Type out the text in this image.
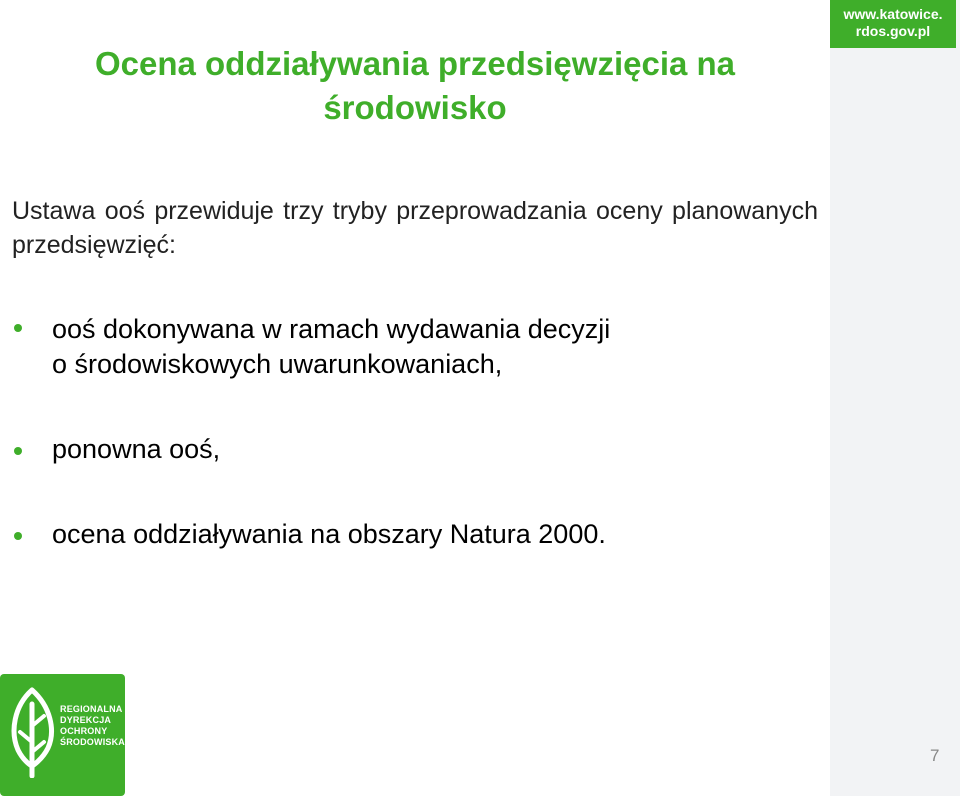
www.katowice.
rdos.gov.pl
Ocena oddziaływania przedsięwzięcia na środowisko

Ustawa ooś przewiduje trzy tryby przeprowadzania oceny planowanych przedsięwzięć:

ooś dokonywana w ramach wydawania decyzji
o środowiskowych uwarunkowaniach,
ponowna ooś,
ocena oddziaływania na obszary Natura 2000.
REGIONALNA
DYREKCJA
OCHRONY
ŚRODOWISKA
7
